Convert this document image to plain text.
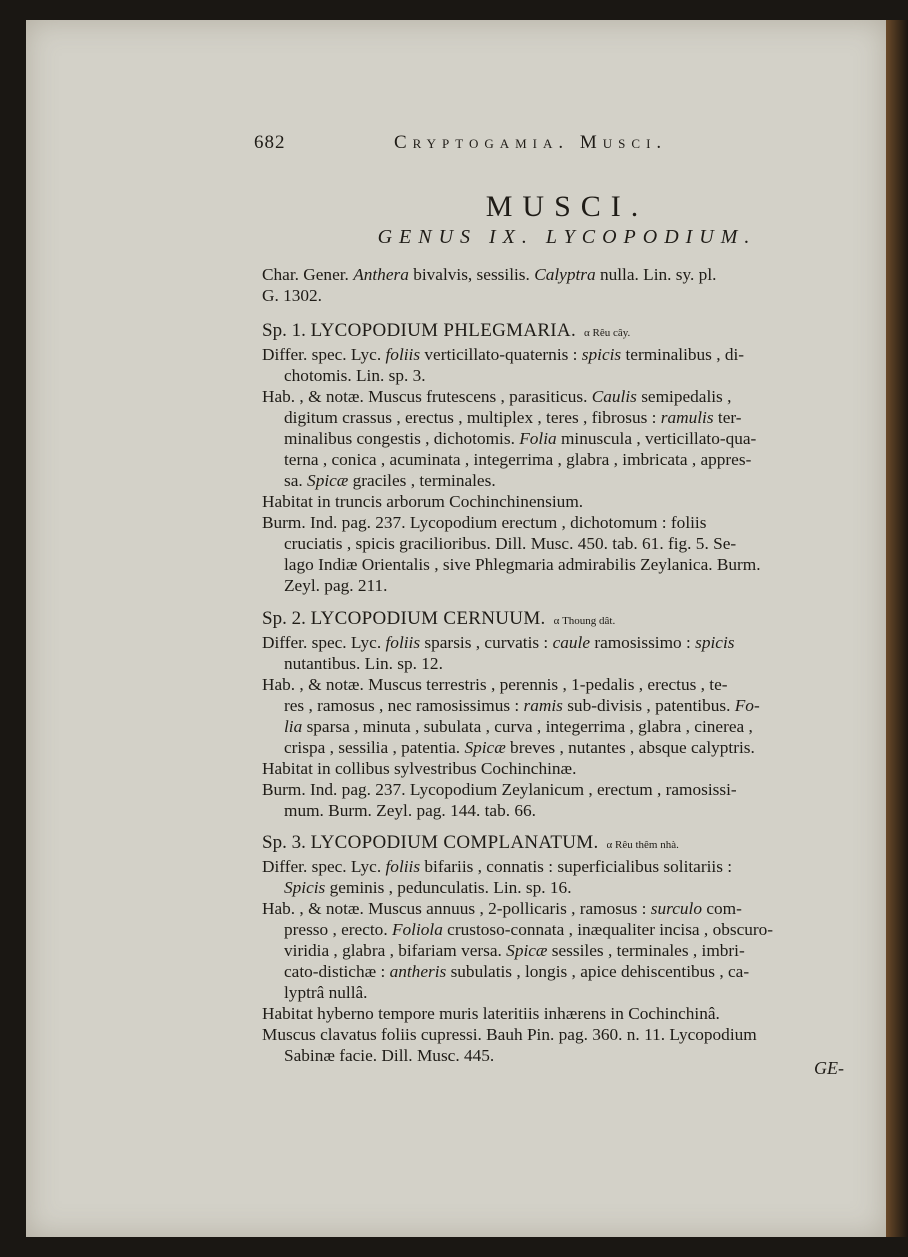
682	Cryptogamia. Musci.
MUSCI.
GENUS IX. LYCOPODIUM.
Char. Gener. Anthera bivalvis, sessilis. Calyptra nulla. Lin. sy. pl.
G. 1302.
Sp. 1. LYCOPODIUM PHLEGMARIA. α Rêu cây.
Differ. spec. Lyc. foliis verticillato-quaternis : spicis terminalibus , di-
chotomis. Lin. sp. 3.
Hab. , & notæ. Muscus frutescens , parasiticus. Caulis semipedalis ,
digitum crassus , erectus , multiplex , teres , fibrosus : ramulis ter-
minalibus congestis , dichotomis. Folia minuscula , verticillato-qua-
terna , conica , acuminata , integerrima , glabra , imbricata , appres-
sa. Spicæ graciles , terminales.
Habitat in truncis arborum Cochinchinensium.
Burm. Ind. pag. 237. Lycopodium erectum , dichotomum : foliis
cruciatis , spicis gracilioribus. Dill. Musc. 450. tab. 61. fig. 5. Se-
lago Indiæ Orientalis , sive Phlegmaria admirabilis Zeylanica. Burm.
Zeyl. pag. 211.
Sp. 2. LYCOPODIUM CERNUUM. α Thoung dât.
Differ. spec. Lyc. foliis sparsis , curvatis : caule ramosissimo : spicis
nutantibus. Lin. sp. 12.
Hab. , & notæ. Muscus terrestris , perennis , 1-pedalis , erectus , te-
res , ramosus , nec ramosissimus : ramis sub-divisis , patentibus. Fo-
lia sparsa , minuta , subulata , curva , integerrima , glabra , cinerea ,
crispa , sessilia , patentia. Spicæ breves , nutantes , absque calyptris.
Habitat in collibus sylvestribus Cochinchinæ.
Burm. Ind. pag. 237. Lycopodium Zeylanicum , erectum , ramosissi-
mum. Burm. Zeyl. pag. 144. tab. 66.
Sp. 3. LYCOPODIUM COMPLANATUM. α Rêu thêm nhà.
Differ. spec. Lyc. foliis bifariis , connatis : superficialibus solitariis :
Spicis geminis , pedunculatis. Lin. sp. 16.
Hab. , & notæ. Muscus annuus , 2-pollicaris , ramosus : surculo com-
presso , erecto. Foliola crustoso-connata , inæqualiter incisa , obscuro-
viridia , glabra , bifariam versa. Spicæ sessiles , terminales , imbri-
cato-distichæ : antheris subulatis , longis , apice dehiscentibus , ca-
lyptrâ nullâ.
Habitat hyberno tempore muris lateritiis inhærens in Cochinchinâ.
Muscus clavatus foliis cupressi. Bauh Pin. pag. 360. n. 11. Lycopodium
Sabinæ facie. Dill. Musc. 445.
GE-
